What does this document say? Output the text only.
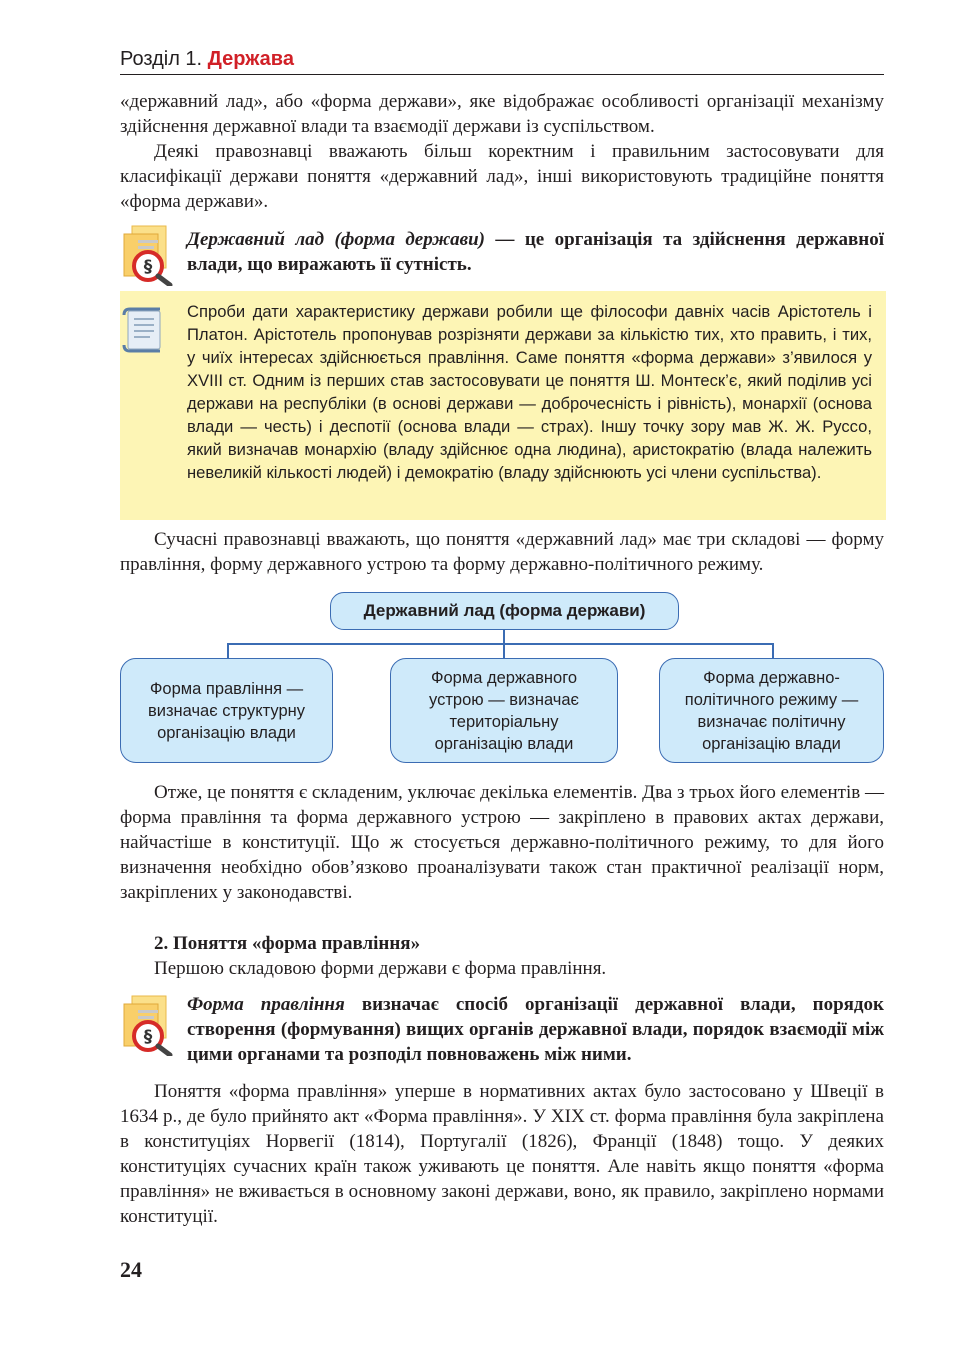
Розділ 1. Держава

«державний лад», або «форма держави», яке відображає особливості організації механізму здійснення державної влади та взаємодії держави із суспільством.

Деякі правознавці вважають більш коректним і правильним застосовувати для класифікації держави поняття «державний лад», інші використовують традиційне поняття «форма держави».

§

Державний лад (форма держави) — це організація та здійснення державної влади, що виражають її сутність.

Спроби дати характеристику держави робили ще філософи давніх часів Арістотель і Платон. Арістотель пропонував розрізняти держави за кількістю тих, хто править, і тих, у чиїх інтересах здійснюється правління. Саме поняття «форма держави» з’явилося у XVIII ст. Одним із перших став застосовувати це поняття Ш. Монтеск’є, який поділив усі держави на республіки (в основі держави — доброчесність і рівність), монархії (основа влади — честь) і деспотії (основа влади — страх). Іншу точку зору мав Ж. Ж. Руссо, який визначав монархію (владу здійснює одна людина), аристократію (влада належить невеликій кількості людей) і демократію (владу здійснюють усі члени суспільства).

Сучасні правознавці вважають, що поняття «державний лад» має три складові — форму правління, форму державного устрою та форму державно-політичного режиму.

Державний лад (форма держави)
Форма правління — визначає структурну організацію влади
Форма державного устрою — визначає територіальну організацію влади
Форма державно-політичного режиму — визначає політичну організацію влади

Отже, це поняття є складеним, уключає декілька елементів. Два з трьох його елементів — форма правління та форма державного устрою — закріплено в правових актах держави, найчастіше в конституції. Що ж стосується державно-політичного режиму, то для його визначення необхідно обов’язково проаналізувати також стан практичної реалізації норм, закріплених у законодавстві.

2. Поняття «форма правління»

Першою складовою форми держави є форма правління.

§

Форма правління визначає спосіб організації державної влади, порядок створення (формування) вищих органів державної влади, порядок взаємодії між цими органами та розподіл повноважень між ними.

Поняття «форма правління» уперше в нормативних актах було застосовано у Швеції в 1634 р., де було прийнято акт «Форма правління». У XIX ст. форма правління була закріплена в конституціях Норвегії (1814), Португалії (1826), Франції (1848) тощо. У деяких конституціях сучасних країн також уживають це поняття. Але навіть якщо поняття «форма правління» не вживається в основному законі держави, воно, як правило, закріплено нормами конституції.

24
